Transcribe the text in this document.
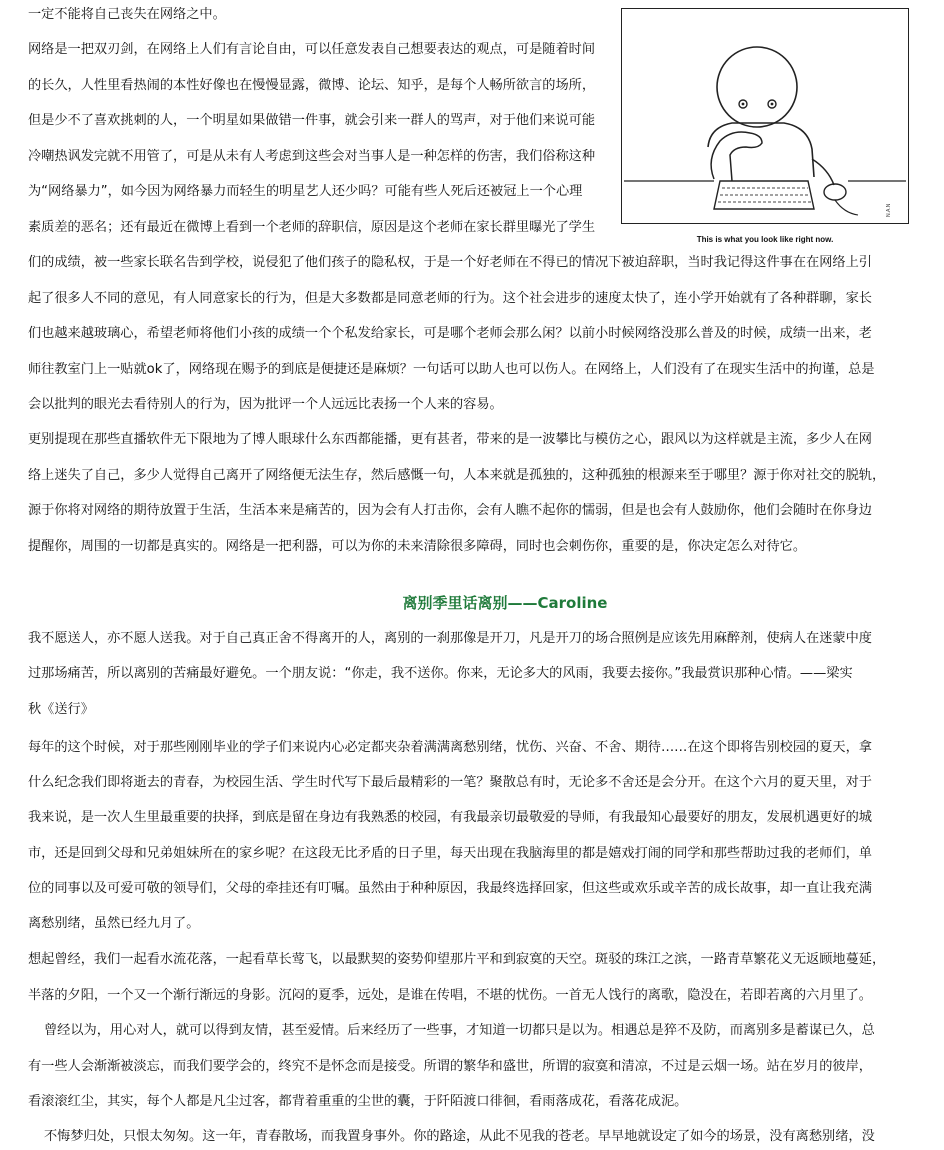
一定不能将自己丧失在网络之中。

网络是一把双刃剑，在网络上人们有言论自由，可以任意发表自己想要表达的观点，可是随着时间

的长久，人性里看热闹的本性好像也在慢慢显露，微博、论坛、知乎，是每个人畅所欲言的场所，

但是少不了喜欢挑刺的人，一个明星如果做错一件事，就会引来一群人的骂声，对于他们来说可能

冷嘲热讽发完就不用管了，可是从未有人考虑到这些会对当事人是一种怎样的伤害，我们俗称这种

为“网络暴力”，如今因为网络暴力而轻生的明星艺人还少吗？可能有些人死后还被冠上一个心理

素质差的恶名；还有最近在微博上看到一个老师的辞职信，原因是这个老师在家长群里曝光了学生

们的成绩，被一些家长联名告到学校，说侵犯了他们孩子的隐私权，于是一个好老师在不得已的情况下被迫辞职，当时我记得这件事在在网络上引

起了很多人不同的意见，有人同意家长的行为，但是大多数都是同意老师的行为。这个社会进步的速度太快了，连小学开始就有了各种群聊，家长

们也越来越玻璃心，希望老师将他们小孩的成绩一个个私发给家长，可是哪个老师会那么闲？以前小时候网络没那么普及的时候，成绩一出来，老

师往教室门上一贴就ok了，网络现在赐予的到底是便捷还是麻烦？一句话可以助人也可以伤人。在网络上，人们没有了在现实生活中的拘谨，总是

会以批判的眼光去看待别人的行为，因为批评一个人远远比表扬一个人来的容易。

更别提现在那些直播软件无下限地为了博人眼球什么东西都能播，更有甚者，带来的是一波攀比与模仿之心，跟风以为这样就是主流，多少人在网

络上迷失了自己，多少人觉得自己离开了网络便无法生存，然后感慨一句，人本来就是孤独的，这种孤独的根源来至于哪里？源于你对社交的脱轨，

源于你将对网络的期待放置于生活，生活本来是痛苦的，因为会有人打击你，会有人瞧不起你的懦弱，但是也会有人鼓励你，他们会随时在你身边

提醒你，周围的一切都是真实的。网络是一把利器，可以为你的未来清除很多障碍，同时也会刺伤你，重要的是，你决定怎么对待它。

N.A.N

This is what you look like right now.

离别季里话离别——Caroline

我不愿送人，亦不愿人送我。对于自己真正舍不得离开的人，离别的一刹那像是开刀，凡是开刀的场合照例是应该先用麻醉剂，使病人在迷蒙中度

过那场痛苦，所以离别的苦痛最好避免。一个朋友说：“你走，我不送你。你来，无论多大的风雨，我要去接你。”我最赏识那种心情。——梁实

秋《送行》

每年的这个时候，对于那些刚刚毕业的学子们来说内心必定都夹杂着满满离愁别绪，忧伤、兴奋、不舍、期待……在这个即将告别校园的夏天，拿

什么纪念我们即将逝去的青春，为校园生活、学生时代写下最后最精彩的一笔？聚散总有时，无论多不舍还是会分开。在这个六月的夏天里，对于

我来说，是一次人生里最重要的抉择，到底是留在身边有我熟悉的校园，有我最亲切最敬爱的导师，有我最知心最要好的朋友，发展机遇更好的城

市，还是回到父母和兄弟姐妹所在的家乡呢？在这段无比矛盾的日子里，每天出现在我脑海里的都是嬉戏打闹的同学和那些帮助过我的老师们，单

位的同事以及可爱可敬的领导们，父母的牵挂还有叮嘱。虽然由于种种原因，我最终选择回家，但这些或欢乐或辛苦的成长故事，却一直让我充满

离愁别绪，虽然已经九月了。

想起曾经，我们一起看水流花落，一起看草长莺飞，以最默契的姿势仰望那片平和到寂寞的天空。斑驳的珠江之滨，一路青草繁花义无返顾地蔓延，

半落的夕阳，一个又一个渐行渐远的身影。沉闷的夏季，远处，是谁在传唱，不堪的忧伤。一首无人饯行的离歌，隐没在，若即若离的六月里了。

曾经以为，用心对人，就可以得到友情，甚至爱情。后来经历了一些事，才知道一切都只是以为。相遇总是猝不及防，而离别多是蓄谋已久，总

有一些人会渐渐被淡忘，而我们要学会的，终究不是怀念而是接受。所谓的繁华和盛世，所谓的寂寞和清凉，不过是云烟一场。站在岁月的彼岸，

看滚滚红尘，其实，每个人都是凡尘过客，都背着重重的尘世的囊，于阡陌渡口徘徊，看雨落成花，看落花成泥。

不悔梦归处，只恨太匆匆。这一年，青春散场，而我置身事外。你的路途，从此不见我的苍老。早早地就设定了如今的场景，没有离愁别绪，没
